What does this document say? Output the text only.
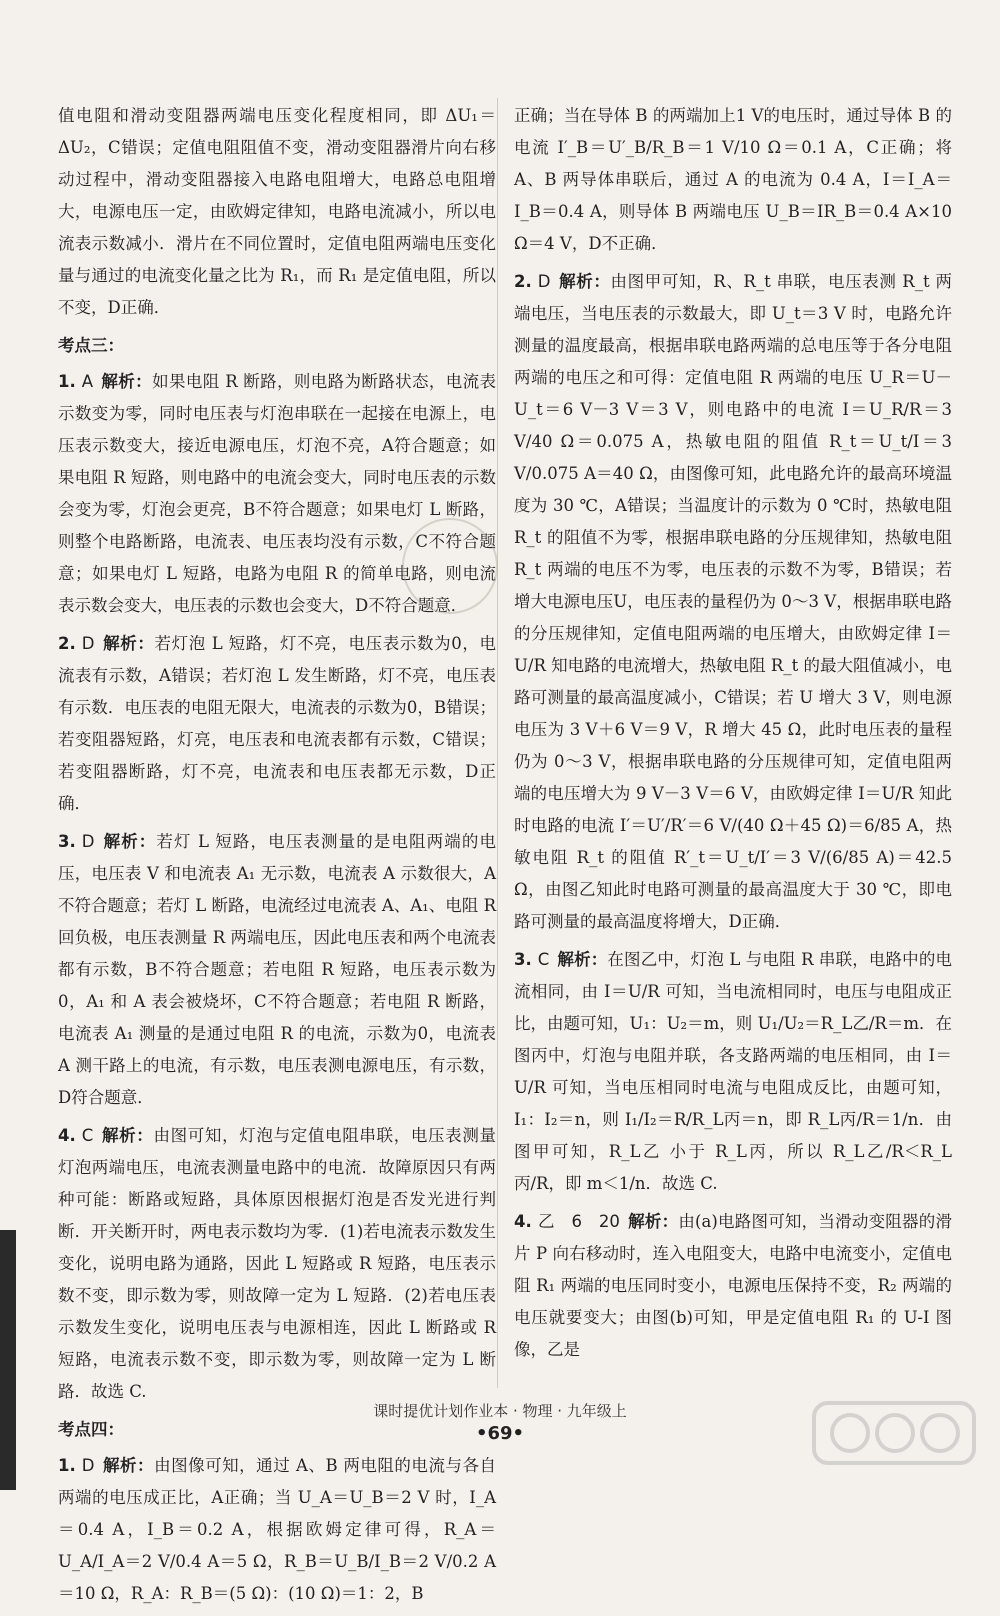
值电阻和滑动变阻器两端电压变化程度相同，即 ΔU₁＝ΔU₂，C错误；定值电阻阻值不变，滑动变阻器滑片向右移动过程中，滑动变阻器接入电路电阻增大，电路总电阻增大，电源电压一定，由欧姆定律知，电路电流减小，所以电流表示数减小．滑片在不同位置时，定值电阻两端电压变化量与通过的电流变化量之比为 R₁，而 R₁ 是定值电阻，所以不变，D正确．

考点三：

1. A 解析：如果电阻 R 断路，则电路为断路状态，电流表示数变为零，同时电压表与灯泡串联在一起接在电源上，电压表示数变大，接近电源电压，灯泡不亮，A符合题意；如果电阻 R 短路，则电路中的电流会变大，同时电压表的示数会变为零，灯泡会更亮，B不符合题意；如果电灯 L 断路，则整个电路断路，电流表、电压表均没有示数，C不符合题意；如果电灯 L 短路，电路为电阻 R 的简单电路，则电流表示数会变大，电压表的示数也会变大，D不符合题意．

2. D 解析：若灯泡 L 短路，灯不亮，电压表示数为0，电流表有示数，A错误；若灯泡 L 发生断路，灯不亮，电压表有示数．电压表的电阻无限大，电流表的示数为0，B错误；若变阻器短路，灯亮，电压表和电流表都有示数，C错误；若变阻器断路，灯不亮，电流表和电压表都无示数，D正确．

3. D 解析：若灯 L 短路，电压表测量的是电阻两端的电压，电压表 V 和电流表 A₁ 无示数，电流表 A 示数很大，A不符合题意；若灯 L 断路，电流经过电流表 A、A₁、电阻 R 回负极，电压表测量 R 两端电压，因此电压表和两个电流表都有示数，B不符合题意；若电阻 R 短路，电压表示数为0，A₁ 和 A 表会被烧坏，C不符合题意；若电阻 R 断路，电流表 A₁ 测量的是通过电阻 R 的电流，示数为0，电流表 A 测干路上的电流，有示数，电压表测电源电压，有示数，D符合题意．

4. C 解析：由图可知，灯泡与定值电阻串联，电压表测量灯泡两端电压，电流表测量电路中的电流．故障原因只有两种可能：断路或短路，具体原因根据灯泡是否发光进行判断．开关断开时，两电表示数均为零．(1)若电流表示数发生变化，说明电路为通路，因此 L 短路或 R 短路，电压表示数不变，即示数为零，则故障一定为 L 短路．(2)若电压表示数发生变化，说明电压表与电源相连，因此 L 断路或 R 短路，电流表示数不变，即示数为零，则故障一定为 L 断路．故选 C.

考点四：

1. D 解析：由图像可知，通过 A、B 两电阻的电流与各自两端的电压成正比，A正确；当 U_A＝U_B＝2 V 时，I_A＝0.4 A，I_B＝0.2 A，根据欧姆定律可得，R_A＝U_A/I_A＝2 V/0.4 A＝5 Ω，R_B＝U_B/I_B＝2 V/0.2 A＝10 Ω，R_A：R_B＝(5 Ω)：(10 Ω)＝1：2，B

正确；当在导体 B 的两端加上1 V的电压时，通过导体 B 的电流 I′_B＝U′_B/R_B＝1 V/10 Ω＝0.1 A，C正确；将 A、B 两导体串联后，通过 A 的电流为 0.4 A，I＝I_A＝I_B＝0.4 A，则导体 B 两端电压 U_B＝IR_B＝0.4 A×10 Ω＝4 V，D不正确．

2. D 解析：由图甲可知，R、R_t 串联，电压表测 R_t 两端电压，当电压表的示数最大，即 U_t＝3 V 时，电路允许测量的温度最高，根据串联电路两端的总电压等于各分电阻两端的电压之和可得：定值电阻 R 两端的电压 U_R＝U－U_t＝6 V－3 V＝3 V，则电路中的电流 I＝U_R/R＝3 V/40 Ω＝0.075 A，热敏电阻的阻值 R_t＝U_t/I＝3 V/0.075 A＝40 Ω，由图像可知，此电路允许的最高环境温度为 30 ℃，A错误；当温度计的示数为 0 ℃时，热敏电阻 R_t 的阻值不为零，根据串联电路的分压规律知，热敏电阻 R_t 两端的电压不为零，电压表的示数不为零，B错误；若增大电源电压U，电压表的量程仍为 0～3 V，根据串联电路的分压规律知，定值电阻两端的电压增大，由欧姆定律 I＝U/R 知电路的电流增大，热敏电阻 R_t 的最大阻值减小，电路可测量的最高温度减小，C错误；若 U 增大 3 V，则电源电压为 3 V＋6 V＝9 V，R 增大 45 Ω，此时电压表的量程仍为 0～3 V，根据串联电路的分压规律可知，定值电阻两端的电压增大为 9 V－3 V＝6 V，由欧姆定律 I＝U/R 知此时电路的电流 I′＝U′/R′＝6 V/(40 Ω＋45 Ω)＝6/85 A，热敏电阻 R_t 的阻值 R′_t＝U_t/I′＝3 V/(6/85 A)＝42.5 Ω，由图乙知此时电路可测量的最高温度大于 30 ℃，即电路可测量的最高温度将增大，D正确．

3. C 解析：在图乙中，灯泡 L 与电阻 R 串联，电路中的电流相同，由 I＝U/R 可知，当电流相同时，电压与电阻成正比，由题可知，U₁：U₂＝m，则 U₁/U₂＝R_L乙/R＝m．在图丙中，灯泡与电阻并联，各支路两端的电压相同，由 I＝U/R 可知，当电压相同时电流与电阻成反比，由题可知，I₁：I₂＝n，则 I₁/I₂＝R/R_L丙＝n，即 R_L丙/R＝1/n．由图甲可知，R_L乙 小于 R_L丙，所以 R_L乙/R＜R_L丙/R，即 m＜1/n．故选 C.

4. 乙　6　20 解析：由(a)电路图可知，当滑动变阻器的滑片 P 向右移动时，连入电阻变大，电路中电流变小，定值电阻 R₁ 两端的电压同时变小，电源电压保持不变，R₂ 两端的电压就要变大；由图(b)可知，甲是定值电阻 R₁ 的 U-I 图像，乙是

课时提优计划作业本 · 物理 · 九年级上
•69•
